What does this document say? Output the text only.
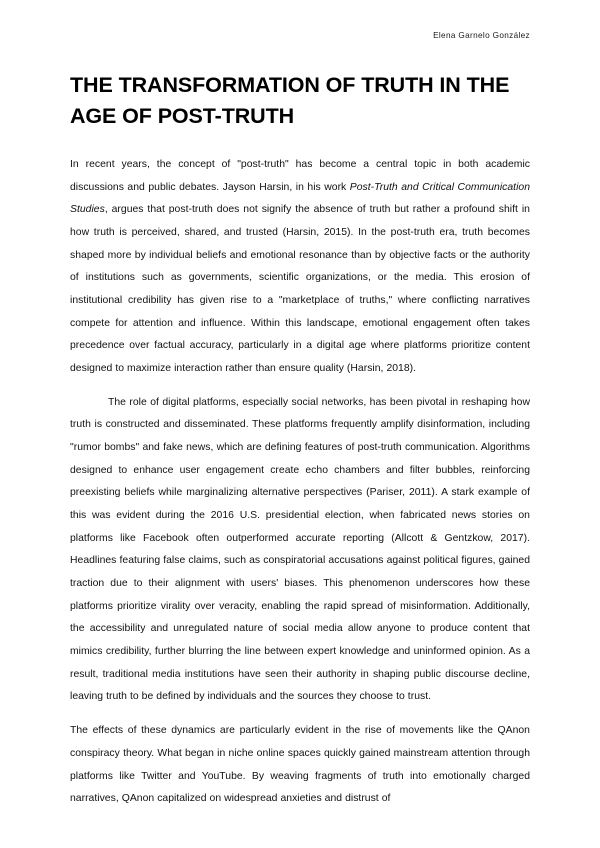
Elena Garnelo González
THE TRANSFORMATION OF TRUTH IN THE AGE OF POST-TRUTH

In recent years, the concept of "post-truth" has become a central topic in both academic discussions and public debates. Jayson Harsin, in his work Post-Truth and Critical Communication Studies, argues that post-truth does not signify the absence of truth but rather a profound shift in how truth is perceived, shared, and trusted (Harsin, 2015). In the post-truth era, truth becomes shaped more by individual beliefs and emotional resonance than by objective facts or the authority of institutions such as governments, scientific organizations, or the media. This erosion of institutional credibility has given rise to a "marketplace of truths," where conflicting narratives compete for attention and influence. Within this landscape, emotional engagement often takes precedence over factual accuracy, particularly in a digital age where platforms prioritize content designed to maximize interaction rather than ensure quality (Harsin, 2018).

The role of digital platforms, especially social networks, has been pivotal in reshaping how truth is constructed and disseminated. These platforms frequently amplify disinformation, including "rumor bombs" and fake news, which are defining features of post-truth communication. Algorithms designed to enhance user engagement create echo chambers and filter bubbles, reinforcing preexisting beliefs while marginalizing alternative perspectives (Pariser, 2011). A stark example of this was evident during the 2016 U.S. presidential election, when fabricated news stories on platforms like Facebook often outperformed accurate reporting (Allcott & Gentzkow, 2017). Headlines featuring false claims, such as conspiratorial accusations against political figures, gained traction due to their alignment with users' biases. This phenomenon underscores how these platforms prioritize virality over veracity, enabling the rapid spread of misinformation. Additionally, the accessibility and unregulated nature of social media allow anyone to produce content that mimics credibility, further blurring the line between expert knowledge and uninformed opinion. As a result, traditional media institutions have seen their authority in shaping public discourse decline, leaving truth to be defined by individuals and the sources they choose to trust.

The effects of these dynamics are particularly evident in the rise of movements like the QAnon conspiracy theory. What began in niche online spaces quickly gained mainstream attention through platforms like Twitter and YouTube. By weaving fragments of truth into emotionally charged narratives, QAnon capitalized on widespread anxieties and distrust of
